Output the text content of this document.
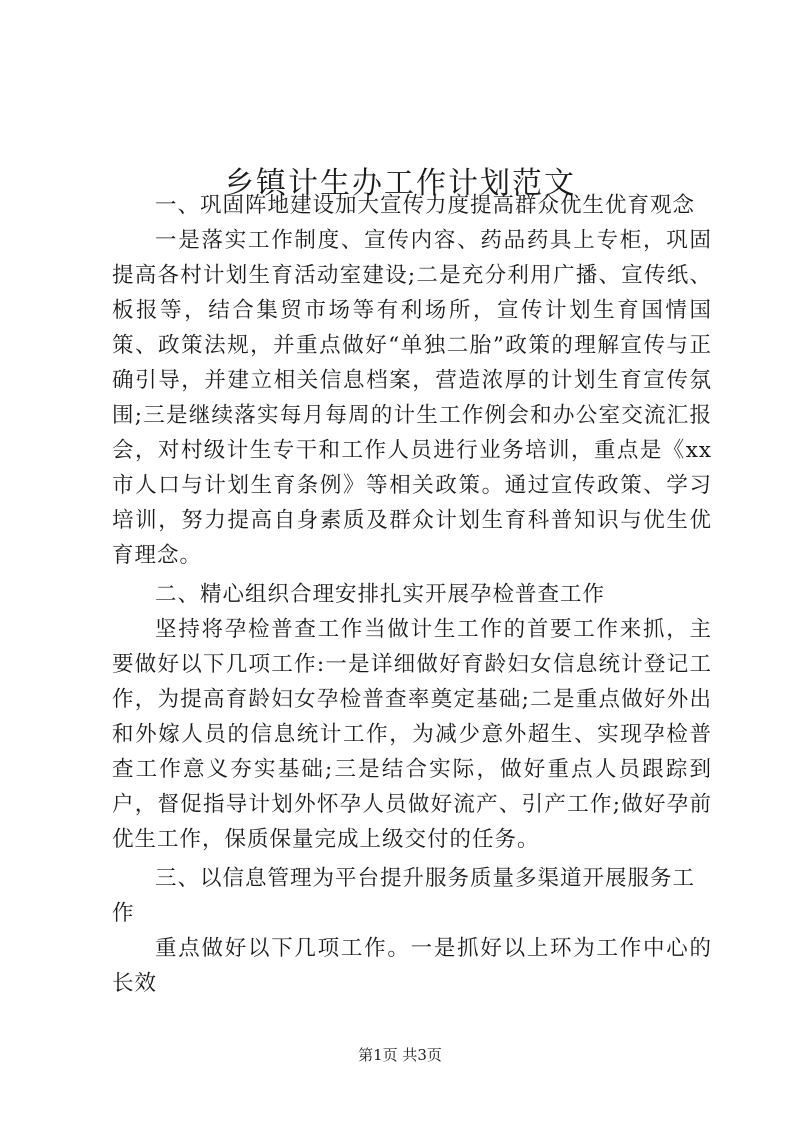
乡镇计生办工作计划范文

一、巩固阵地建设加大宣传力度提高群众优生优育观念

一是落实工作制度、宣传内容、药品药具上专柜，巩固提高各村计划生育活动室建设;二是充分利用广播、宣传纸、板报等，结合集贸市场等有利场所，宣传计划生育国情国策、政策法规，并重点做好“单独二胎”政策的理解宣传与正确引导，并建立相关信息档案，营造浓厚的计划生育宣传氛围;三是继续落实每月每周的计生工作例会和办公室交流汇报会，对村级计生专干和工作人员进行业务培训，重点是《xx市人口与计划生育条例》等相关政策。通过宣传政策、学习培训，努力提高自身素质及群众计划生育科普知识与优生优育理念。

二、精心组织合理安排扎实开展孕检普查工作

坚持将孕检普查工作当做计生工作的首要工作来抓，主要做好以下几项工作:一是详细做好育龄妇女信息统计登记工作，为提高育龄妇女孕检普查率奠定基础;二是重点做好外出和外嫁人员的信息统计工作，为减少意外超生、实现孕检普查工作意义夯实基础;三是结合实际，做好重点人员跟踪到户，督促指导计划外怀孕人员做好流产、引产工作;做好孕前优生工作，保质保量完成上级交付的任务。

三、以信息管理为平台提升服务质量多渠道开展服务工作

重点做好以下几项工作。一是抓好以上环为工作中心的长效

第1页 共3页
